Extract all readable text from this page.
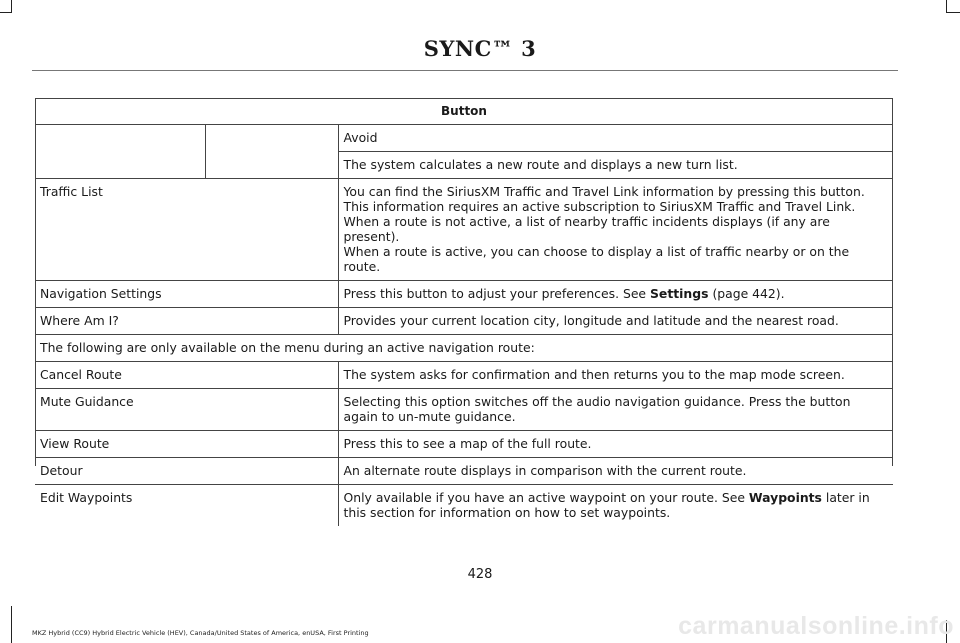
SYNC™ 3
Button		
		Avoid
		The system calculates a new route and displays a new turn list.
Traffic List		You can find the SiriusXM Traffic and Travel Link information by pressing this button. This information requires an active subscription to SiriusXM Traffic and Travel Link.
When a route is not active, a list of nearby traffic incidents displays (if any are present).
When a route is active, you can choose to display a list of traffic nearby or on the route.

Navigation Settings		Press this button to adjust your preferences. See Settings (page 442).
Where Am I?		Provides your current location city, longitude and latitude and the nearest road.
The following are only available on the menu during an active navigation route:		
Cancel Route		The system asks for confirmation and then returns you to the map mode screen.
Mute Guidance		Selecting this option switches off the audio navigation guidance. Press the button again to un-mute guidance.
View Route		Press this to see a map of the full route.
Detour		An alternate route displays in comparison with the current route.
Edit Waypoints		Only available if you have an active waypoint on your route. See Waypoints later in this section for information on how to set waypoints.
428
MKZ Hybrid (CC9) Hybrid Electric Vehicle (HEV), Canada/United States of America, enUSA, First Printing	carmanualsonline.info
